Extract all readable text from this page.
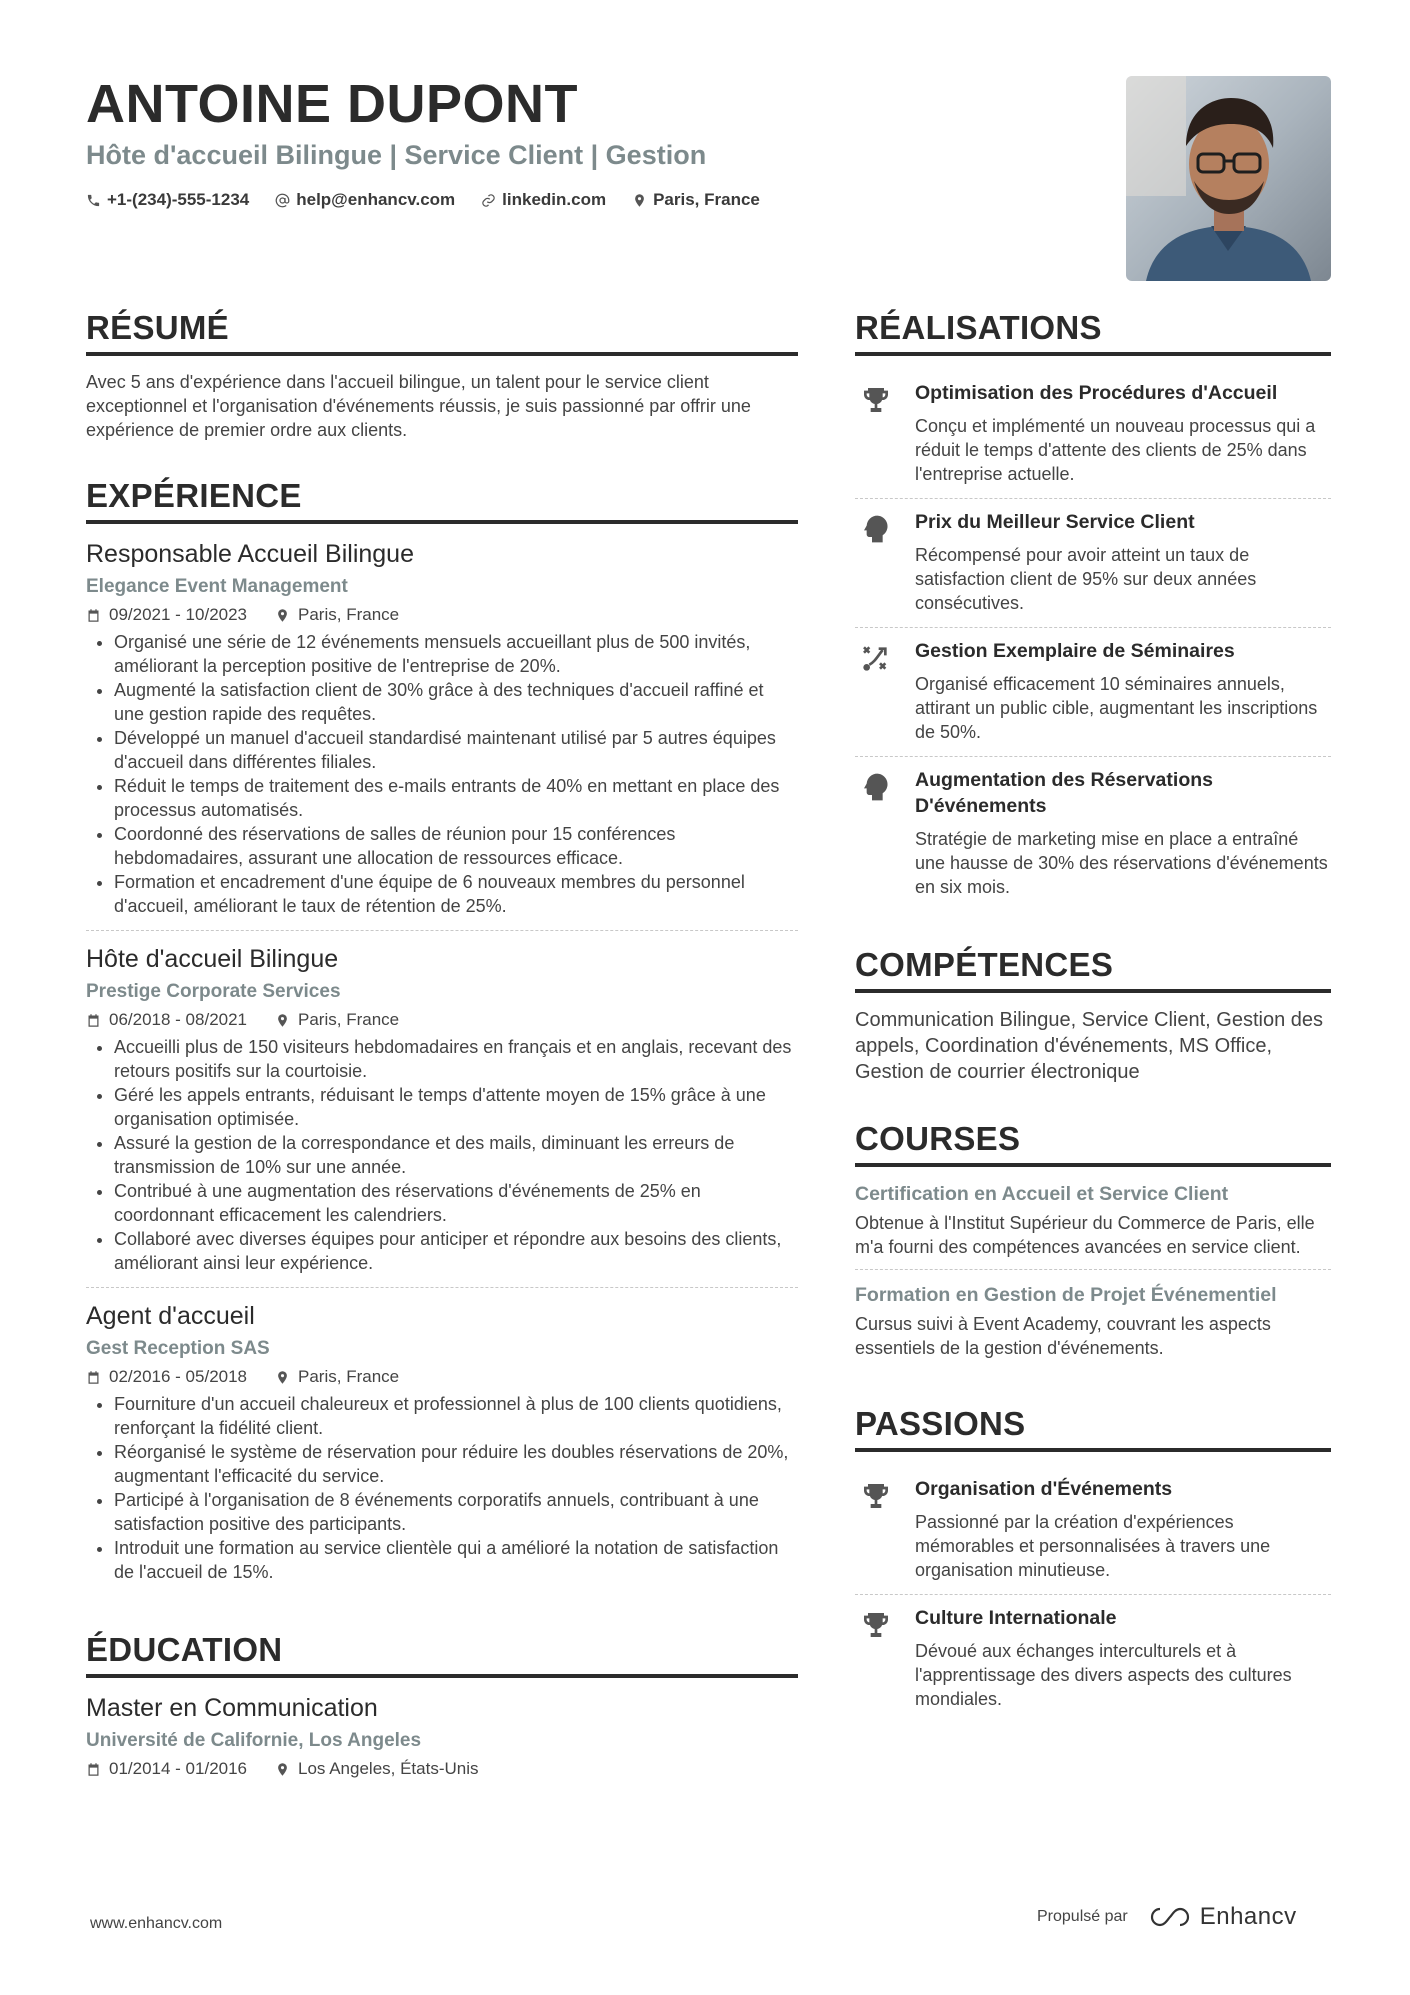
ANTOINE DUPONT
Hôte d'accueil Bilingue | Service Client | Gestion
+1-(234)-555-1234	help@enhancv.com	linkedin.com	Paris, France
RÉSUMÉ
Avec 5 ans d'expérience dans l'accueil bilingue, un talent pour le service client exceptionnel et l'organisation d'événements réussis, je suis passionné par offrir une expérience de premier ordre aux clients.
EXPÉRIENCE
Responsable Accueil Bilingue
Elegance Event Management
09/2021 - 10/2023	Paris, France
• Organisé une série de 12 événements mensuels accueillant plus de 500 invités, améliorant la perception positive de l'entreprise de 20%.
• Augmenté la satisfaction client de 30% grâce à des techniques d'accueil raffiné et une gestion rapide des requêtes.
• Développé un manuel d'accueil standardisé maintenant utilisé par 5 autres équipes d'accueil dans différentes filiales.
• Réduit le temps de traitement des e-mails entrants de 40% en mettant en place des processus automatisés.
• Coordonné des réservations de salles de réunion pour 15 conférences hebdomadaires, assurant une allocation de ressources efficace.
• Formation et encadrement d'une équipe de 6 nouveaux membres du personnel d'accueil, améliorant le taux de rétention de 25%.
Hôte d'accueil Bilingue
Prestige Corporate Services
06/2018 - 08/2021	Paris, France
• Accueilli plus de 150 visiteurs hebdomadaires en français et en anglais, recevant des retours positifs sur la courtoisie.
• Géré les appels entrants, réduisant le temps d'attente moyen de 15% grâce à une organisation optimisée.
• Assuré la gestion de la correspondance et des mails, diminuant les erreurs de transmission de 10% sur une année.
• Contribué à une augmentation des réservations d'événements de 25% en coordonnant efficacement les calendriers.
• Collaboré avec diverses équipes pour anticiper et répondre aux besoins des clients, améliorant ainsi leur expérience.
Agent d'accueil
Gest Reception SAS
02/2016 - 05/2018	Paris, France
• Fourniture d'un accueil chaleureux et professionnel à plus de 100 clients quotidiens, renforçant la fidélité client.
• Réorganisé le système de réservation pour réduire les doubles réservations de 20%, augmentant l'efficacité du service.
• Participé à l'organisation de 8 événements corporatifs annuels, contribuant à une satisfaction positive des participants.
• Introduit une formation au service clientèle qui a amélioré la notation de satisfaction de l'accueil de 15%.
ÉDUCATION
Master en Communication
Université de Californie, Los Angeles
01/2014 - 01/2016	Los Angeles, États-Unis
RÉALISATIONS
Optimisation des Procédures d'Accueil
Conçu et implémenté un nouveau processus qui a réduit le temps d'attente des clients de 25% dans l'entreprise actuelle.
Prix du Meilleur Service Client
Récompensé pour avoir atteint un taux de satisfaction client de 95% sur deux années consécutives.
Gestion Exemplaire de Séminaires
Organisé efficacement 10 séminaires annuels, attirant un public cible, augmentant les inscriptions de 50%.
Augmentation des Réservations D'événements
Stratégie de marketing mise en place a entraîné une hausse de 30% des réservations d'événements en six mois.
COMPÉTENCES
Communication Bilingue, Service Client, Gestion des appels, Coordination d'événements, MS Office, Gestion de courrier électronique
COURSES
Certification en Accueil et Service Client
Obtenue à l'Institut Supérieur du Commerce de Paris, elle m'a fourni des compétences avancées en service client.
Formation en Gestion de Projet Événementiel
Cursus suivi à Event Academy, couvrant les aspects essentiels de la gestion d'événements.
PASSIONS
Organisation d'Événements
Passionné par la création d'expériences mémorables et personnalisées à travers une organisation minutieuse.
Culture Internationale
Dévoué aux échanges interculturels et à l'apprentissage des divers aspects des cultures mondiales.
www.enhancv.com	Propulsé par	Enhancv
